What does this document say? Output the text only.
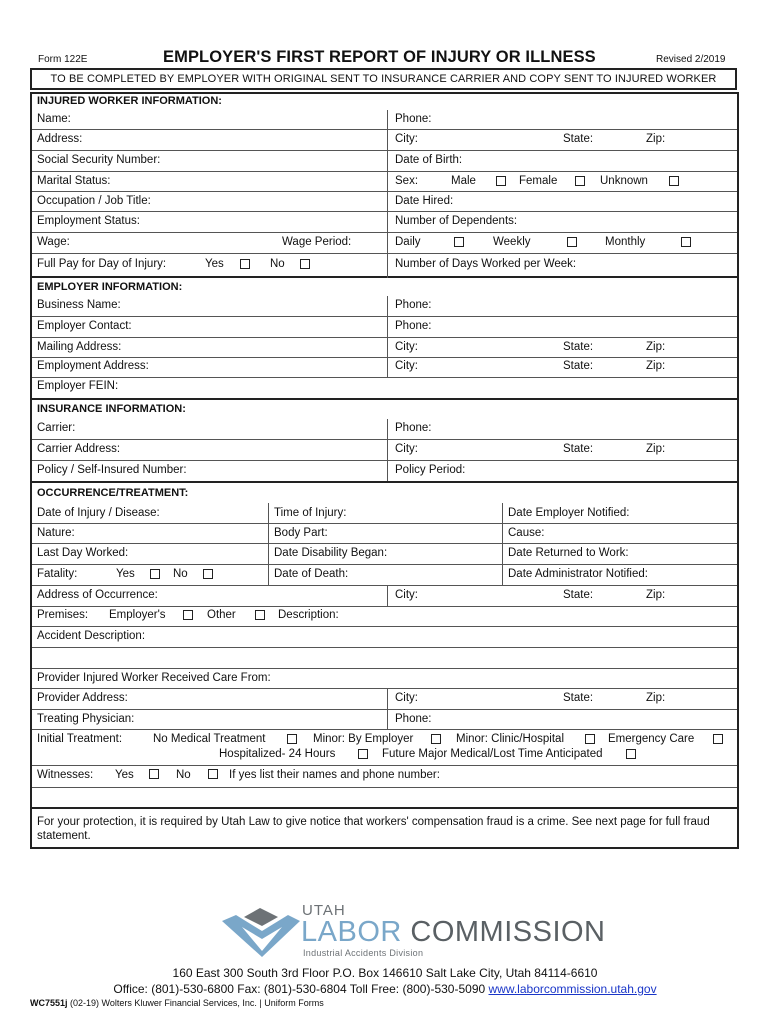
Form 122E	EMPLOYER'S FIRST REPORT OF INJURY OR ILLNESS	Revised 2/2019
TO BE COMPLETED BY EMPLOYER WITH ORIGINAL SENT TO INSURANCE CARRIER AND COPY SENT TO INJURED WORKER
INJURED WORKER INFORMATION:
Name:	Phone:
Address:	City:	State:	Zip:
Social Security Number:	Date of Birth:
Marital Status:	Sex:	Male	Female	Unknown
Occupation / Job Title:	Date Hired:
Employment Status:	Number of Dependents:
Wage:	Wage Period:	Daily	Weekly	Monthly
Full Pay for Day of Injury:	Yes	No	Number of Days Worked per Week:
EMPLOYER INFORMATION:
Business Name:	Phone:
Employer Contact:	Phone:
Mailing Address:	City:	State:	Zip:
Employment Address:	City:	State:	Zip:
Employer FEIN:
INSURANCE INFORMATION:
Carrier:	Phone:
Carrier Address:	City:	State:	Zip:
Policy / Self-Insured Number:	Policy Period:
OCCURRENCE/TREATMENT:
Date of Injury / Disease:	Time of Injury:	Date Employer Notified:
Nature:	Body Part:	Cause:
Last Day Worked:	Date Disability Began:	Date Returned to Work:
Fatality:	Yes	No	Date of Death:	Date Administrator Notified:
Address of Occurrence:	City:	State:	Zip:
Premises: Employer's	Other	Description:
Accident Description:
Provider Injured Worker Received Care From:
Provider Address:	City:	State:	Zip:
Treating Physician:	Phone:
Initial Treatment:	No Medical Treatment	Minor: By Employer	Minor: Clinic/Hospital	Emergency Care
Hospitalized- 24 Hours	Future Major Medical/Lost Time Anticipated
Witnesses: Yes	No	If yes list their names and phone number:
For your protection, it is required by Utah Law to give notice that workers' compensation fraud is a crime. See next page for full fraud statement.
UTAH
LABOR COMMISSION
Industrial Accidents Division
160 East 300 South 3rd Floor P.O. Box 146610 Salt Lake City, Utah 84114-6610
Office: (801)-530-6800 Fax: (801)-530-6804 Toll Free: (800)-530-5090 www.laborcommission.utah.gov
WC7551j (02-19) Wolters Kluwer Financial Services, Inc. | Uniform Forms
